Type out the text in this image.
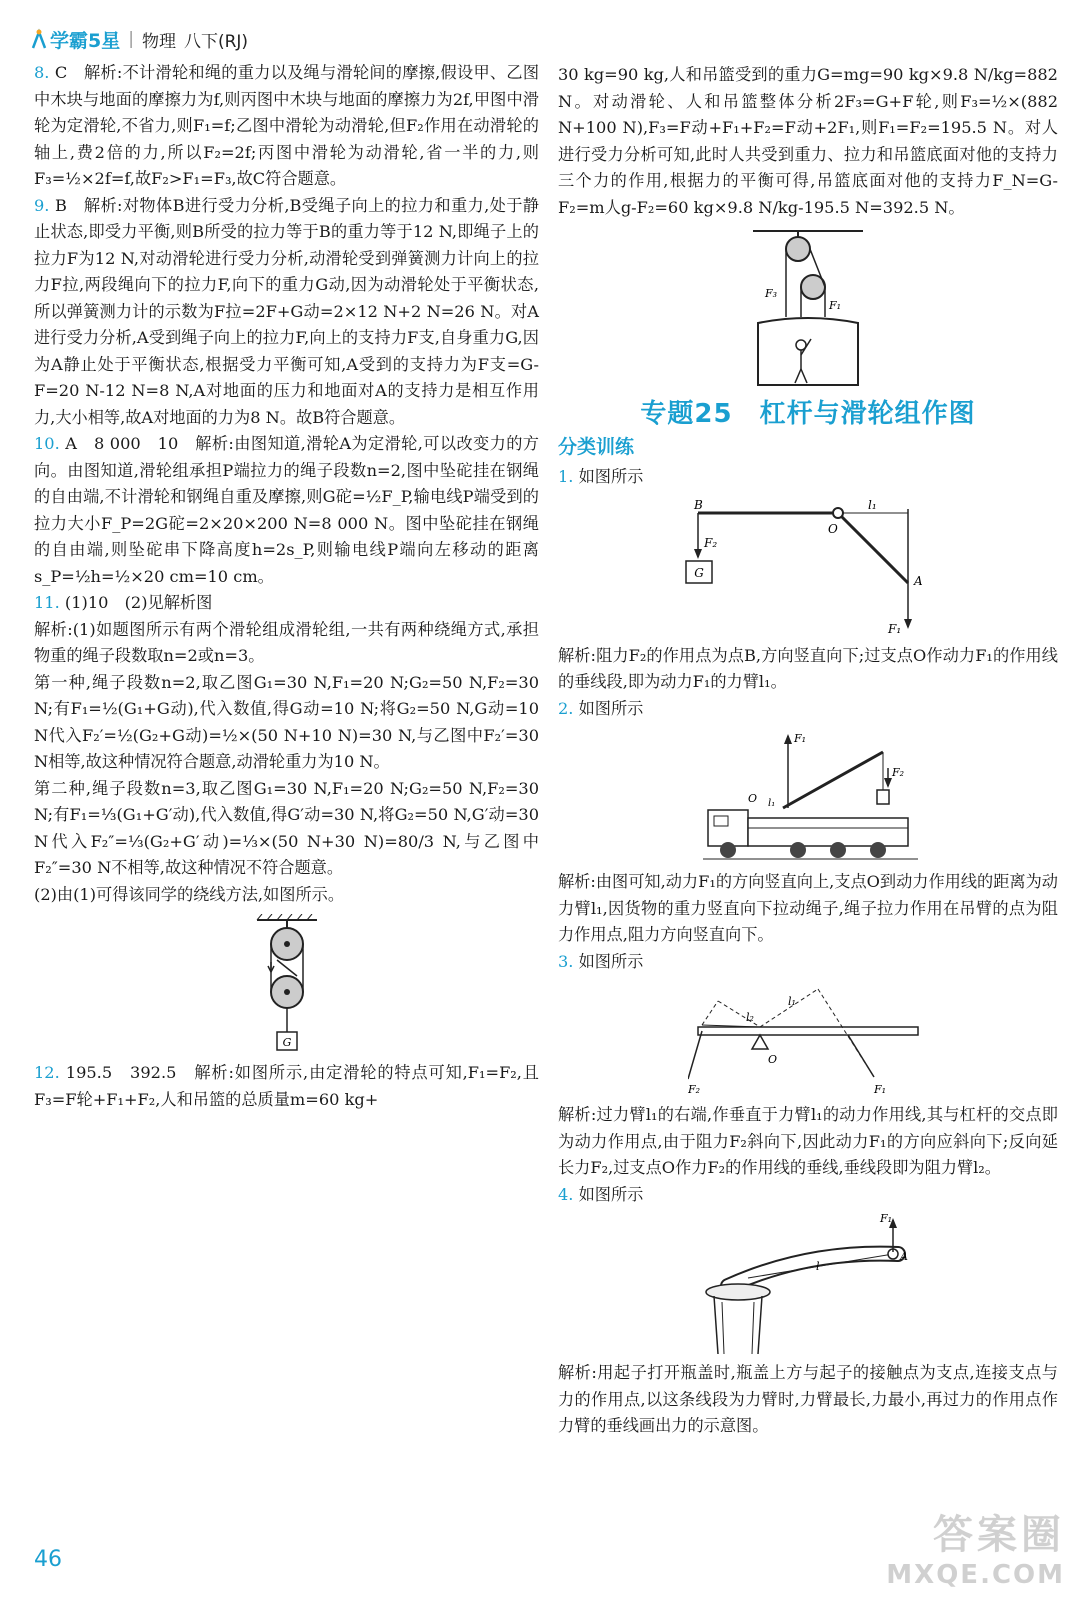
学霸5星 | 物理 八下(RJ)

8. C　解析:不计滑轮和绳的重力以及绳与滑轮间的摩擦,假设甲、乙图中木块与地面的摩擦力为f,则丙图中木块与地面的摩擦力为2f,甲图中滑轮为定滑轮,不省力,则F₁=f;乙图中滑轮为动滑轮,但F₂作用在动滑轮的轴上,费2倍的力,所以F₂=2f;丙图中滑轮为动滑轮,省一半的力,则F₃=½×2f=f,故F₂>F₁=F₃,故C符合题意。

9. B　解析:对物体B进行受力分析,B受绳子向上的拉力和重力,处于静止状态,即受力平衡,则B所受的拉力等于B的重力等于12 N,即绳子上的拉力F为12 N,对动滑轮进行受力分析,动滑轮受到弹簧测力计向上的拉力F拉,两段绳向下的拉力F,向下的重力G动,因为动滑轮处于平衡状态,所以弹簧测力计的示数为F拉=2F+G动=2×12 N+2 N=26 N。对A进行受力分析,A受到绳子向上的拉力F,向上的支持力F支,自身重力G,因为A静止处于平衡状态,根据受力平衡可知,A受到的支持力为F支=G-F=20 N-12 N=8 N,A对地面的压力和地面对A的支持力是相互作用力,大小相等,故A对地面的力为8 N。故B符合题意。

10. A　8 000　10　解析:由图知道,滑轮A为定滑轮,可以改变力的方向。由图知道,滑轮组承担P端拉力的绳子段数n=2,图中坠砣挂在钢绳的自由端,不计滑轮和钢绳自重及摩擦,则G砣=½F_P,输电线P端受到的拉力大小F_P=2G砣=2×20×200 N=8 000 N。图中坠砣挂在钢绳的自由端,则坠砣串下降高度h=2s_P,则输电线P端向左移动的距离s_P=½h=½×20 cm=10 cm。

11. (1)10　(2)见解析图

解析:(1)如题图所示有两个滑轮组成滑轮组,一共有两种绕绳方式,承担物重的绳子段数取n=2或n=3。

第一种,绳子段数n=2,取乙图G₁=30 N,F₁=20 N;G₂=50 N,F₂=30 N;有F₁=½(G₁+G动),代入数值,得G动=10 N;将G₂=50 N,G动=10 N代入F₂′=½(G₂+G动)=½×(50 N+10 N)=30 N,与乙图中F₂′=30 N相等,故这种情况符合题意,动滑轮重力为10 N。

第二种,绳子段数n=3,取乙图G₁=30 N,F₁=20 N;G₂=50 N,F₂=30 N;有F₁=⅓(G₁+G′动),代入数值,得G′动=30 N,将G₂=50 N,G′动=30 N代入F₂″=⅓(G₂+G′动)=⅓×(50 N+30 N)=80/3 N,与乙图中F₂″=30 N不相等,故这种情况不符合题意。

(2)由(1)可得该同学的绕线方法,如图所示。

G

12. 195.5　392.5　解析:如图所示,由定滑轮的特点可知,F₁=F₂,且F₃=F轮+F₁+F₂,人和吊篮的总质量m=60 kg+

30 kg=90 kg,人和吊篮受到的重力G=mg=90 kg×9.8 N/kg=882 N。对动滑轮、人和吊篮整体分析2F₃=G+F轮,则F₃=½×(882 N+100 N),F₃=F动+F₁+F₂=F动+2F₁,则F₁=F₂=195.5 N。对人进行受力分析可知,此时人共受到重力、拉力和吊篮底面对他的支持力三个力的作用,根据力的平衡可得,吊篮底面对他的支持力F_N=G-F₂=m人g-F₂=60 kg×9.8 N/kg-195.5 N=392.5 N。

F₃
F₁
专题25　杠杆与滑轮组作图
分类训练

1. 如图所示

G
B
O
A
F₂
F₁
l₁

解析:阻力F₂的作用点为点B,方向竖直向下;过支点O作动力F₁的作用线的垂线段,即为动力F₁的力臂l₁。

2. 如图所示

F₁
F₂
O l₁

解析:由图可知,动力F₁的方向竖直向上,支点O到动力作用线的距离为动力臂l₁,因货物的重力竖直向下拉动绳子,绳子拉力作用在吊臂的点为阻力作用点,阻力方向竖直向下。

3. 如图所示

l₂
l₁
O
F₁
F₂

解析:过力臂l₁的右端,作垂直于力臂l₁的动力作用线,其与杠杆的交点即为动力作用点,由于阻力F₂斜向下,因此动力F₁的方向应斜向下;反向延长力F₂,过支点O作力F₂的作用线的垂线,垂线段即为阻力臂l₂。

4. 如图所示

F₁
A
l

解析:用起子打开瓶盖时,瓶盖上方与起子的接触点为支点,连接支点与力的作用点,以这条线段为力臂时,力臂最长,力最小,再过力的作用点作力臂的垂线画出力的示意图。

46
答案圈
MXQE.COM
